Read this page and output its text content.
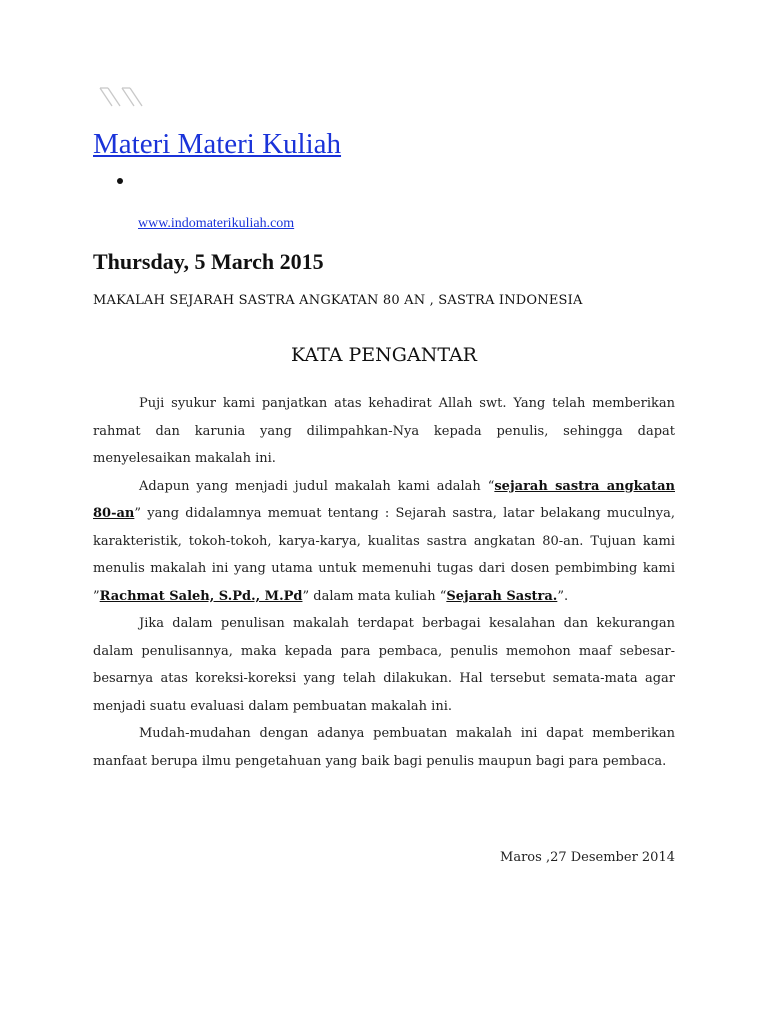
Materi Materi Kuliah
www.indomaterikuliah.com
Thursday, 5 March 2015
MAKALAH SEJARAH SASTRA ANGKATAN 80 AN , SASTRA INDONESIA
KATA PENGANTAR

Puji syukur kami panjatkan atas kehadirat Allah swt. Yang telah memberikan rahmat dan karunia yang dilimpahkan-Nya kepada penulis, sehingga dapat menyelesaikan makalah ini.

Adapun yang menjadi judul makalah kami adalah “sejarah sastra angkatan 80-an” yang didalamnya memuat tentang : Sejarah sastra, latar belakang muculnya, karakteristik, tokoh-tokoh, karya-karya, kualitas sastra angkatan 80-an. Tujuan kami menulis makalah ini yang utama untuk memenuhi tugas dari dosen pembimbing kami ”Rachmat Saleh, S.Pd., M.Pd” dalam mata kuliah “Sejarah Sastra.”.

Jika dalam penulisan makalah terdapat berbagai kesalahan dan kekurangan dalam penulisannya, maka kepada para pembaca, penulis memohon maaf sebesar-besarnya atas koreksi-koreksi yang telah dilakukan. Hal tersebut semata-mata agar menjadi suatu evaluasi dalam pembuatan makalah ini.

Mudah-mudahan dengan adanya pembuatan makalah ini dapat memberikan manfaat berupa ilmu pengetahuan yang baik bagi penulis maupun bagi para pembaca.

Maros ,27 Desember 2014
